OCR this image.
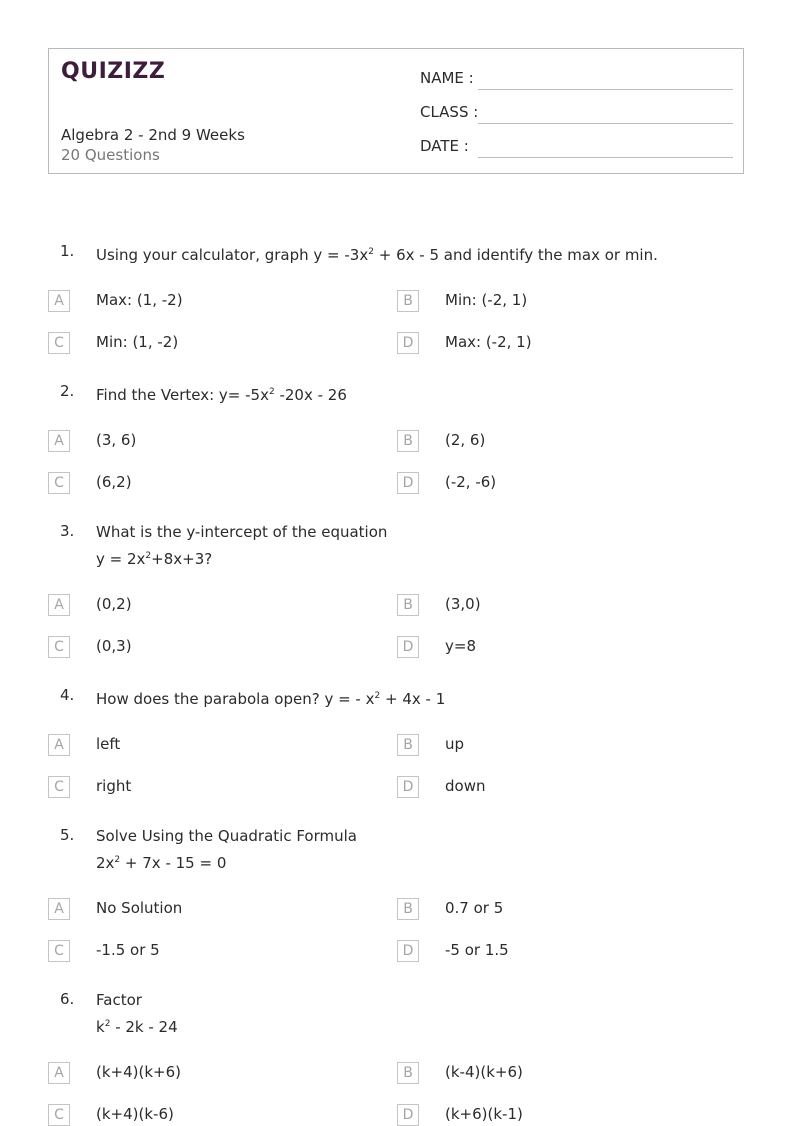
QUIZIZZ
Algebra 2 - 2nd 9 Weeks
20 Questions
NAME :
CLASS :
DATE :
1. Using your calculator, graph $y = -3x^2 + 6x - 5$ and identify the max or min.
A	Max: (1, -2)	B	Min: (-2, 1)
C	Min: (1, -2)	D	Max: (-2, 1)
2. Find the Vertex: $y= -5x^2$ -20x - 26
A	(3, 6)	B	(2, 6)
C	(6,2)	D	(-2, -6)
3. What is the y-intercept of the equation
$y = 2x^2+8x+3$?
A	(0,2)	B	(3,0)
C	(0,3)	D	y=8
4. How does the parabola open? y = - $x^2 + 4x - 1$
A	left	B	up
C	right	D	down
5. Solve Using the Quadratic Formula
$2x^2 + 7x - 15 = 0$
A	No Solution	B	0.7 or 5
C	-1.5 or 5	D	-5 or 1.5
6. Factor
$k^2 - 2k - 24$
A	(k+4)(k+6)	B	(k-4)(k+6)
C	(k+4)(k-6)	D	(k+6)(k-1)
